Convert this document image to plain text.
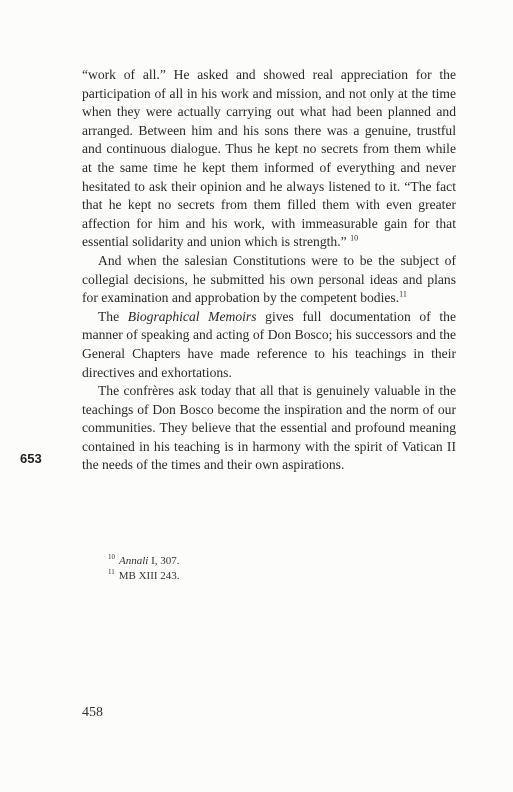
“work of all.” He asked and showed real appreciation for the participation of all in his work and mission, and not only at the time when they were actually carrying out what had been planned and arranged. Between him and his sons there was a genuine, trustful and continuous dialogue. Thus he kept no secrets from them while at the same time he kept them informed of everything and never hesitated to ask their opinion and he always listened to it. “The fact that he kept no secrets from them filled them with even greater affection for him and his work, with immeasurable gain for that essential solidarity and union which is strength.” $^{10}$

And when the salesian Constitutions were to be the subject of collegial decisions, he submitted his own personal ideas and plans for examination and approbation by the competent bodies.$^{11}$

The Biographical Memoirs gives full documentation of the manner of speaking and acting of Don Bosco; his successors and the General Chapters have made reference to his teachings in their directives and exhortations.

The confrères ask today that all that is genuinely valuable in the teachings of Don Bosco become the inspiration and the norm of our communities. They believe that the essential and profound meaning contained in his teaching is in harmony with the spirit of Vatican II the needs of the times and their own aspirations.

653
$^{10}$ Annali I, 307.
$^{11}$ MB XIII 243.
458
